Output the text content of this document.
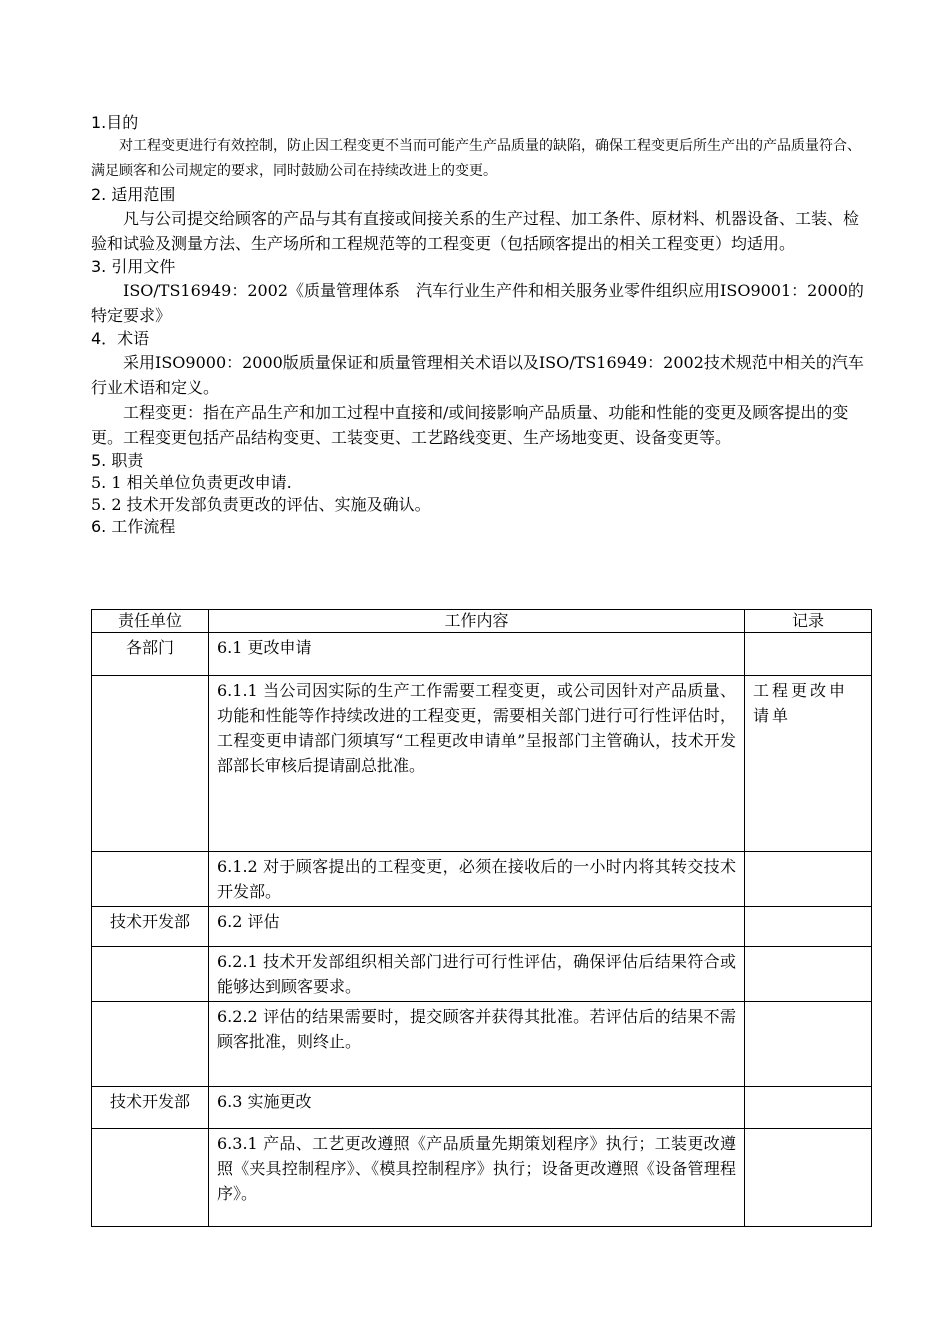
1.目的

对工程变更进行有效控制，防止因工程变更不当而可能产生产品质量的缺陷，确保工程变更后所生产出的产品质量符合、满足顾客和公司规定的要求，同时鼓励公司在持续改进上的变更。

2. 适用范围

凡与公司提交给顾客的产品与其有直接或间接关系的生产过程、加工条件、原材料、机器设备、工装、检验和试验及测量方法、生产场所和工程规范等的工程变更（包括顾客提出的相关工程变更）均适用。

3. 引用文件

ISO/TS16949：2002《质量管理体系　汽车行业生产件和相关服务业零件组织应用ISO9001：2000的特定要求》

4．术语

采用ISO9000：2000版质量保证和质量管理相关术语以及ISO/TS16949：2002技术规范中相关的汽车行业术语和定义。

工程变更：指在产品生产和加工过程中直接和/或间接影响产品质量、功能和性能的变更及顾客提出的变更。工程变更包括产品结构变更、工装变更、工艺路线变更、生产场地变更、设备变更等。

5. 职责

5. 1 相关单位负责更改申请.

5. 2 技术开发部负责更改的评估、实施及确认。

6. 工作流程

责任单位	工作内容	记录
各部门	6.1 更改申请	
	6.1.1 当公司因实际的生产工作需要工程变更，或公司因针对产品质量、功能和性能等作持续改进的工程变更，需要相关部门进行可行性评估时，工程变更申请部门须填写“工程更改申请单”呈报部门主管确认，技术开发部部长审核后提请副总批准。	工程更改申请单
	6.1.2 对于顾客提出的工程变更，必须在接收后的一小时内将其转交技术开发部。	
技术开发部	6.2 评估	
	6.2.1 技术开发部组织相关部门进行可行性评估，确保评估后结果符合或能够达到顾客要求。	
	6.2.2 评估的结果需要时，提交顾客并获得其批准。若评估后的结果不需顾客批准，则终止。	
技术开发部	6.3 实施更改	
	6.3.1 产品、工艺更改遵照《产品质量先期策划程序》执行；工装更改遵照《夹具控制程序》、《模具控制程序》执行；设备更改遵照《设备管理程序》。	
